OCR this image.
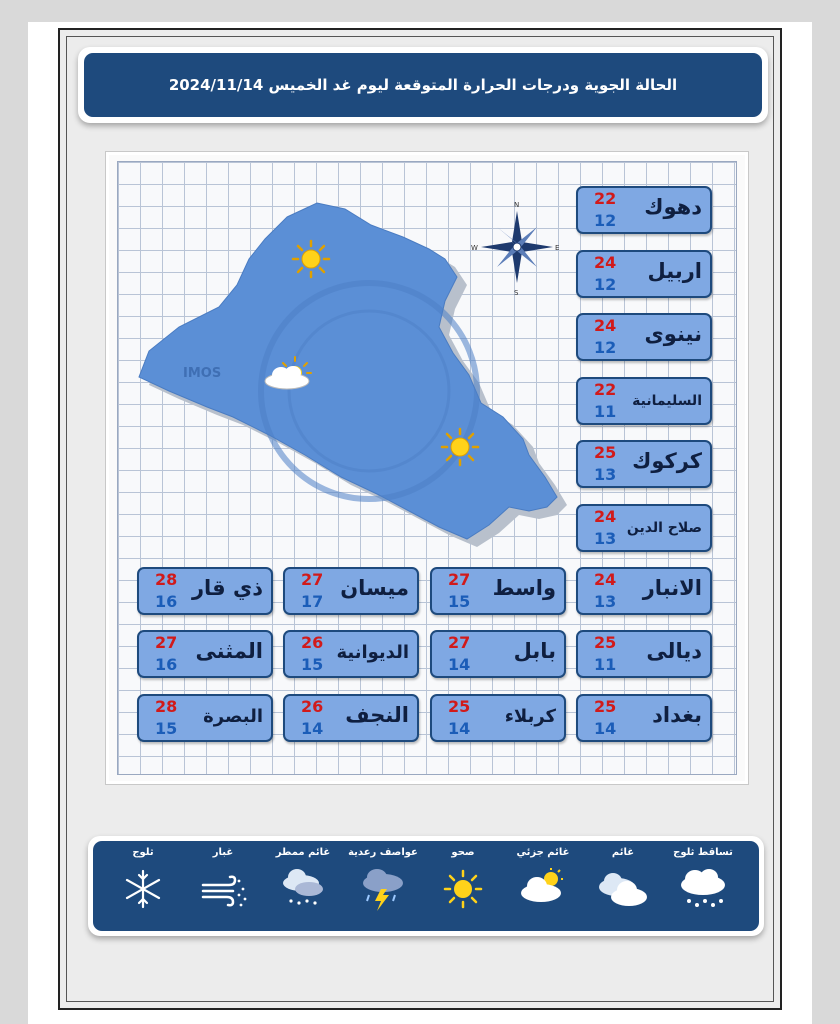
الحالة الجوية ودرجات الحرارة المتوقعة ليوم غد الخميس 2024/11/14
IMOS
N
S
E
W
دهوك
22
12
اربيل
24
12
نينوى
24
12
السليمانية
22
11
كركوك
25
13
صلاح الدين
24
13
الانبار
24
13
واسط
27
15
ميسان
27
17
ذي قار
28
16
ديالى
25
11
بابل
27
14
الديوانية
26
15
المثنى
27
16
بغداد
25
14
كربلاء
25
14
النجف
26
14
البصرة
28
15
تساقط ثلوج
غائم
غائم جزئي
صحو
عواصف رعدية
غائم ممطر
غبار
ثلوج
